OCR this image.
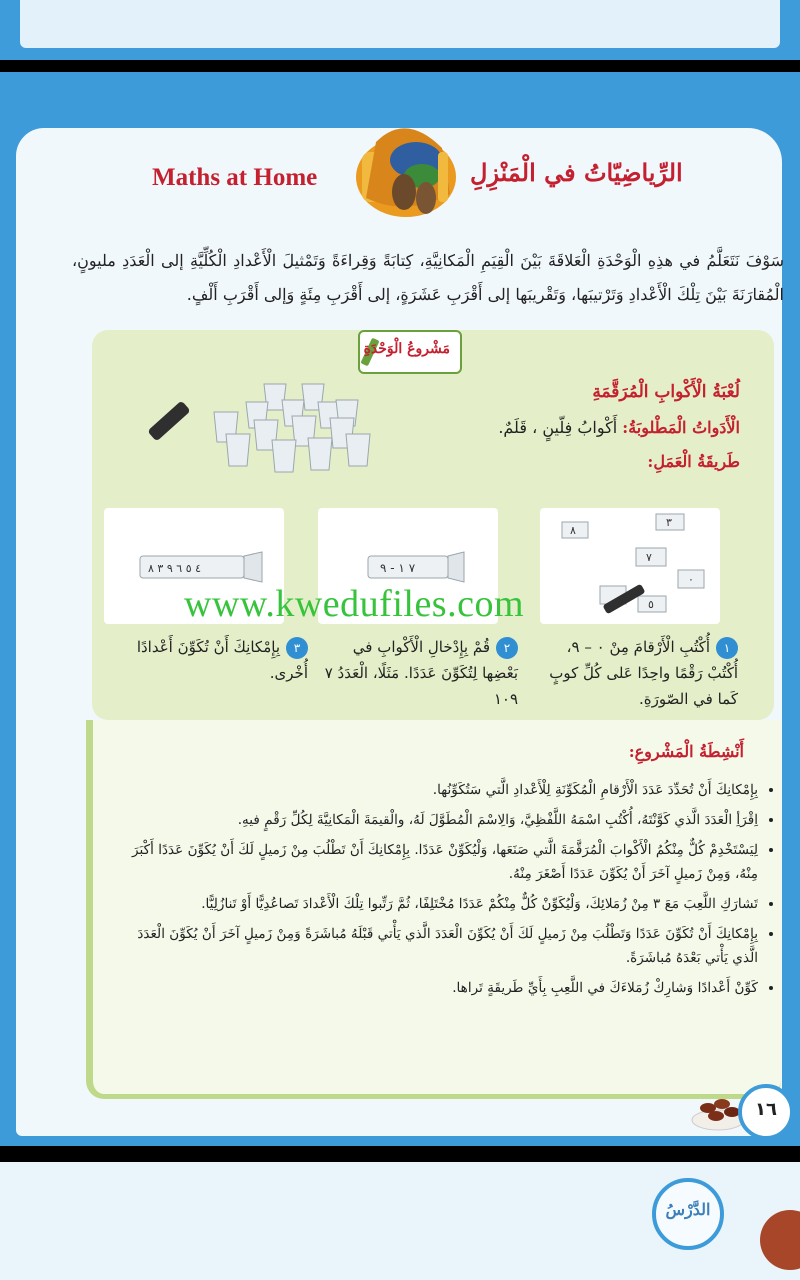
Maths at Home	الرِّياضِيّاتُ في الْمَنْزِلِ
سَوْفَ نَتَعَلَّمُ في هذِهِ الْوَحْدَةِ الْعَلاقَةَ بَيْنَ الْقِيَمِ الْمَكانِيَّةِ، كِتابَةً وَقِراءَةً وَتَمْثيلَ الْأَعْدادِ الْكُلِّيَّةِ إلى الْعَدَدِ مليونٍ، الْمُقارَنَةَ بَيْنَ تِلْكَ الْأَعْدادِ وَتَرْتيبَها، وَتَقْريبَها إلى أَقْرَبِ عَشَرَةٍ، إلى أَقْرَبِ مِئَةٍ وَإلى أَقْرَبِ أَلْفٍ.
مَشْروعُ الْوَحْدَةِ
لُعْبَةُ الْأَكْوابِ الْمُرَقَّمَةِ
الْأَدَواتُ الْمَطْلوبَةُ: أَكْوابُ فِلّينٍ ، قَلَمٌ.
طَريقَةُ الْعَمَلِ:
٨
٣
٧
٠
٥
٧ ١ - ٩
٤ ٥ ٦ ٩ ٣ ٨
١أُكْتُبِ الْأَرْقامَ مِنْ ٠ – ٩، أُكْتُبْ رَقْمًا واحِدًا عَلى كُلِّ كوبٍ كَما في الصّورَةِ.
٢قُمْ بِإِدْخالِ الْأَكْوابِ في بَعْضِها لِتُكَوِّنَ عَدَدًا. مَثَلًا، الْعَدَدُ ٧ ١٠٩
٣بِإِمْكانِكَ أَنْ تُكَوِّنَ أَعْدادًا أُخْرى.
www.kwedufiles.com
أَنْشِطَةُ الْمَشْروعِ:
• بِإِمْكانِكَ أَنْ تُحَدِّدَ عَدَدَ الْأَرْقامِ الْمُكَوِّنَةِ لِلْأَعْدادِ الَّتي سَتُكَوِّنُها.
• اِقْرَأِ الْعَدَدَ الَّذي كَوَّنْتَهُ، أُكْتُبِ اسْمَهُ اللَّفْظِيَّ، وَالِاسْمَ الْمُطَوَّلَ لَهُ، والْقيمَةَ الْمَكانِيَّةَ لِكُلِّ رَقْمٍ فيهِ.
• لِيَسْتَخْدِمْ كُلٌّ مِنْكُمُ الْأَكْوابَ الْمُرَقَّمَةَ الَّتي صَنَعَها، وَلْيُكَوِّنْ عَدَدًا. بِإِمْكانِكَ أَنْ تَطْلُبَ مِنْ زَميلٍ لَكَ أَنْ يُكَوِّنَ عَدَدًا أَكْبَرَ مِنْهُ، وَمِنْ زَميلٍ آخَرَ أَنْ يُكَوِّنَ عَدَدًا أَصْغَرَ مِنْهُ.
• تَشارَكِ اللَّعِبَ مَعَ ٣ مِنْ زُمَلائِكَ، وَلْيُكَوِّنْ كُلٌّ مِنْكُمْ عَدَدًا مُخْتَلِفًا، ثُمَّ رَتِّبوا تِلْكَ الْأَعْدادَ تَصاعُدِيًّا أَوْ تَنازُلِيًّا.
• بِإِمْكانِكَ أَنْ تُكَوِّنَ عَدَدًا وَتَطْلُبَ مِنْ زَميلٍ لَكَ أَنْ يُكَوِّنَ الْعَدَدَ الَّذي يَأْتي قَبْلَهُ مُباشَرَةً وَمِنْ زَميلٍ آخَرَ أَنْ يُكَوِّنَ الْعَدَدَ الَّذي يَأْتي بَعْدَهُ مُباشَرَةً.
• كَوِّنْ أَعْدادًا وَشارِكْ زُمَلاءَكَ في اللَّعِبِ بِأَيِّ طَريقَةٍ تَراها.
١٦
الدَّرْسُ
